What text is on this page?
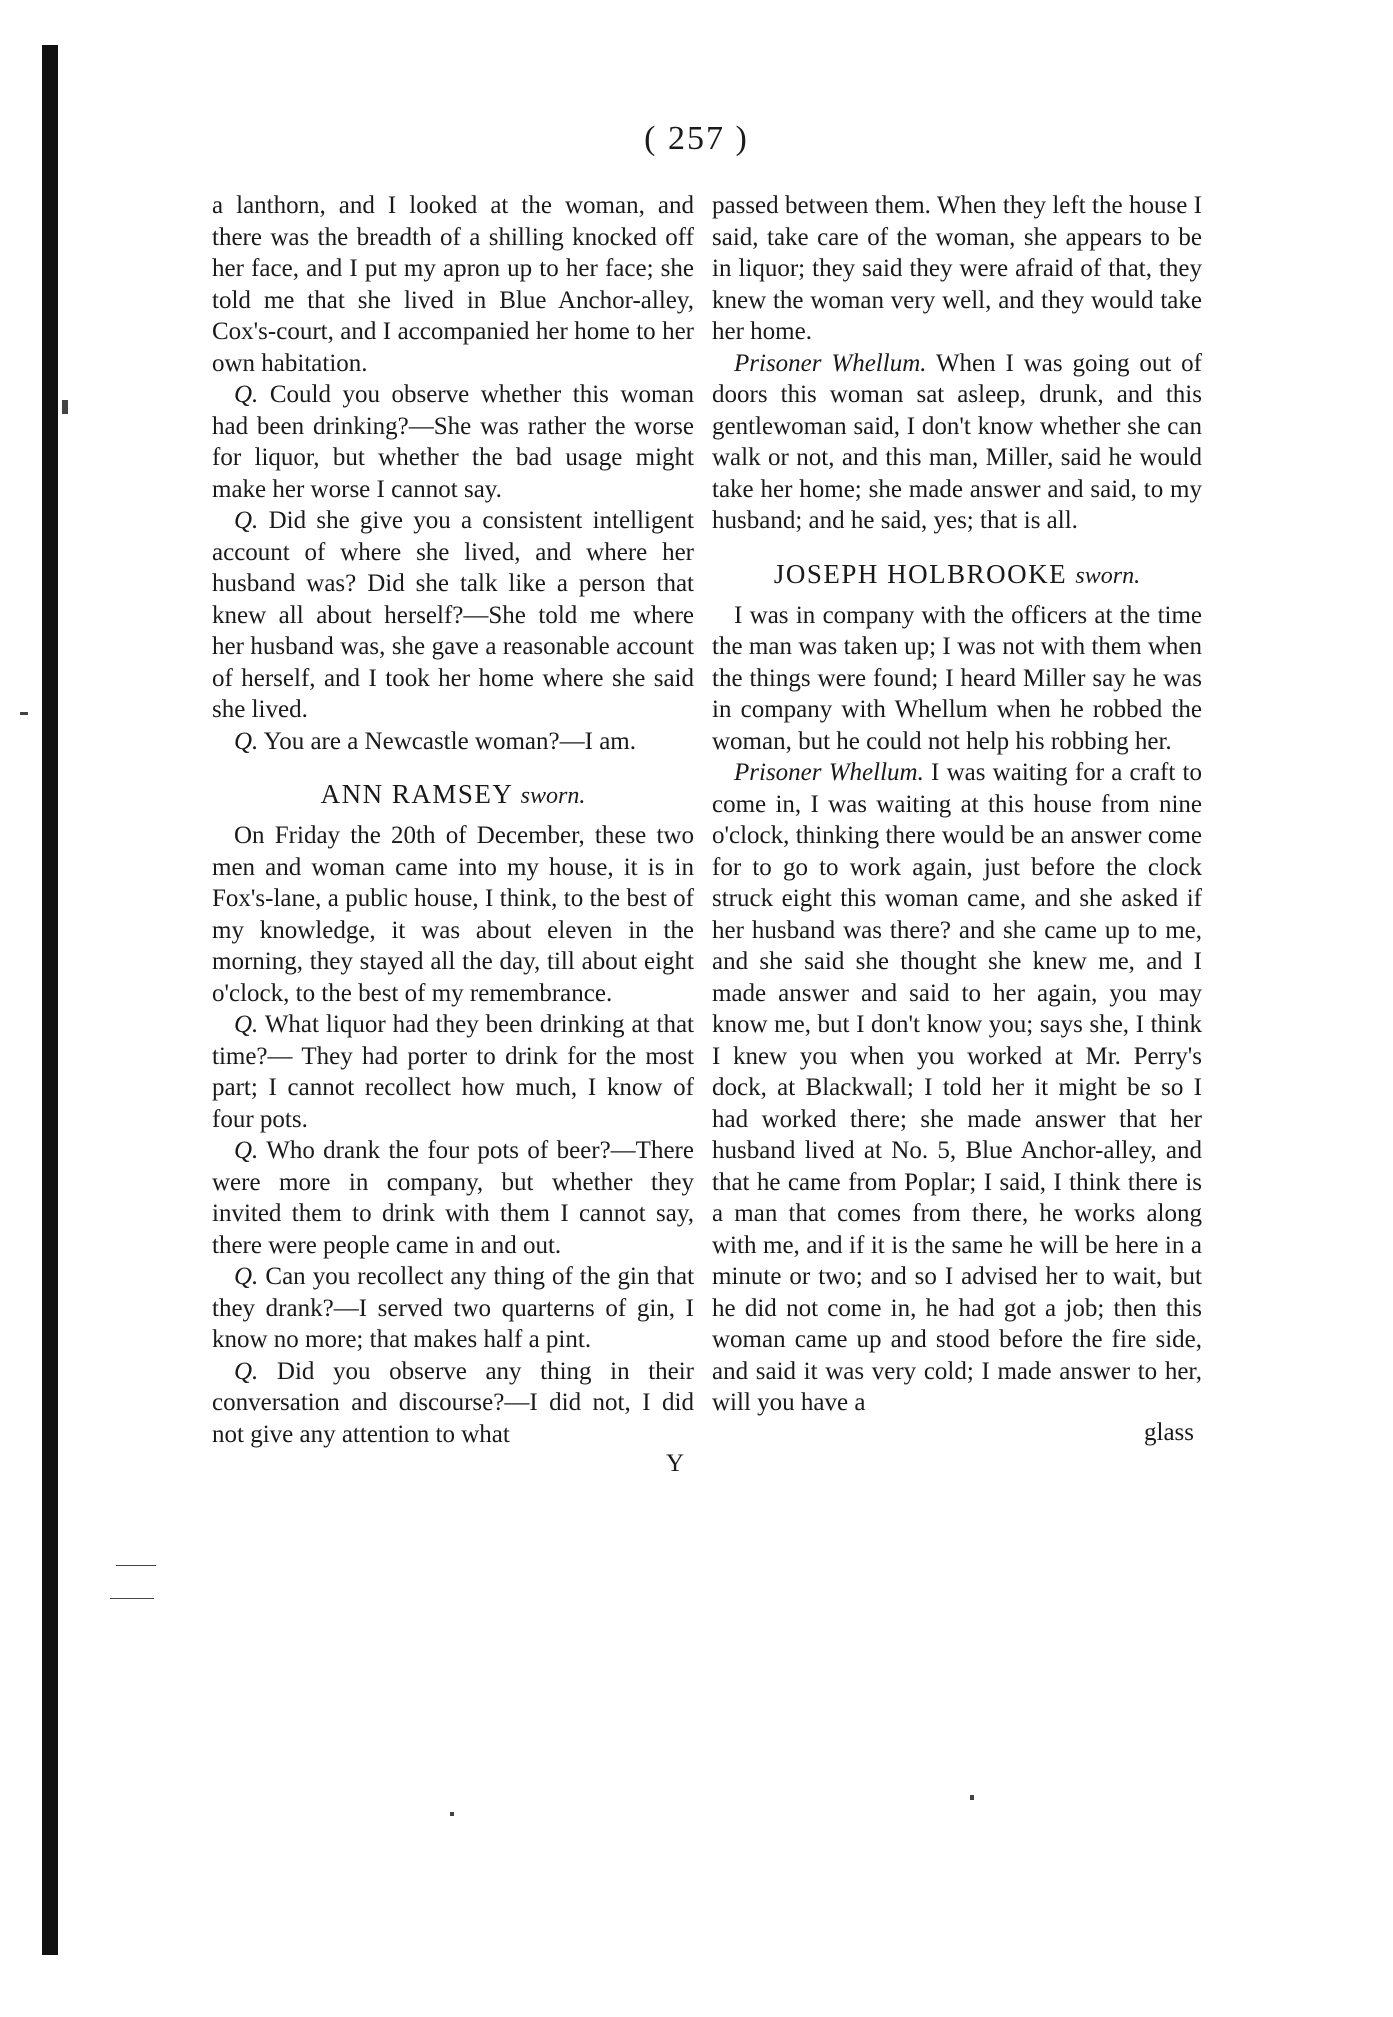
( 257 )

a lanthorn, and I looked at the woman, and there was the breadth of a shilling knocked off her face, and I put my apron up to her face; she told me that she lived in Blue Anchor-alley, Cox's-court, and I accompanied her home to her own habitation.

Q. Could you observe whether this woman had been drinking?—She was rather the worse for liquor, but whether the bad usage might make her worse I cannot say.

Q. Did she give you a consistent intelligent account of where she lived, and where her husband was? Did she talk like a person that knew all about herself?—She told me where her husband was, she gave a reasonable account of herself, and I took her home where she said she lived.

Q. You are a Newcastle woman?—I am.

ANN RAMSEY sworn.

On Friday the 20th of December, these two men and woman came into my house, it is in Fox's-lane, a public house, I think, to the best of my knowledge, it was about eleven in the morning, they stayed all the day, till about eight o'clock, to the best of my remembrance.

Q. What liquor had they been drinking at that time?— They had porter to drink for the most part; I cannot recollect how much, I know of four pots.

Q. Who drank the four pots of beer?—There were more in company, but whether they invited them to drink with them I cannot say, there were people came in and out.

Q. Can you recollect any thing of the gin that they drank?—I served two quarterns of gin, I know no more; that makes half a pint.

Q. Did you observe any thing in their conversation and discourse?—I did not, I did not give any attention to what

Y

passed between them. When they left the house I said, take care of the woman, she appears to be in liquor; they said they were afraid of that, they knew the woman very well, and they would take her home.

Prisoner Whellum. When I was going out of doors this woman sat asleep, drunk, and this gentlewoman said, I don't know whether she can walk or not, and this man, Miller, said he would take her home; she made answer and said, to my husband; and he said, yes; that is all.

JOSEPH HOLBROOKE sworn.

I was in company with the officers at the time the man was taken up; I was not with them when the things were found; I heard Miller say he was in company with Whellum when he robbed the woman, but he could not help his robbing her.

Prisoner Whellum. I was waiting for a craft to come in, I was waiting at this house from nine o'clock, thinking there would be an answer come for to go to work again, just before the clock struck eight this woman came, and she asked if her husband was there? and she came up to me, and she said she thought she knew me, and I made answer and said to her again, you may know me, but I don't know you; says she, I think I knew you when you worked at Mr. Perry's dock, at Blackwall; I told her it might be so I had worked there; she made answer that her husband lived at No. 5, Blue Anchor-alley, and that he came from Poplar; I said, I think there is a man that comes from there, he works along with me, and if it is the same he will be here in a minute or two; and so I advised her to wait, but he did not come in, he had got a job; then this woman came up and stood before the fire side, and said it was very cold; I made answer to her, will you have a

glass
